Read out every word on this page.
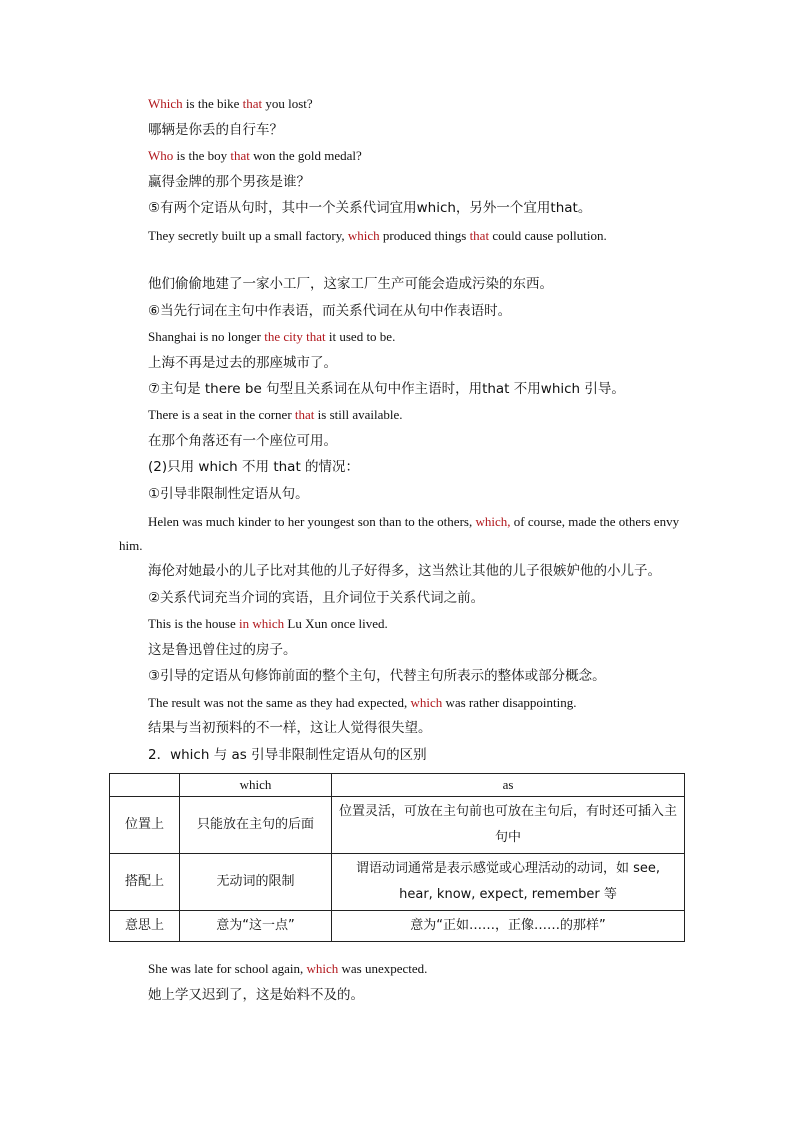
Which is the bike that you lost?
哪辆是你丢的自行车？
Who is the boy that won the gold medal?
赢得金牌的那个男孩是谁？
⑤有两个定语从句时，其中一个关系代词宜用which，另外一个宜用that。
They secretly built up a small factory, which produced things that could cause pollution.
他们偷偷地建了一家小工厂，这家工厂生产可能会造成污染的东西。
⑥当先行词在主句中作表语，而关系代词在从句中作表语时。
Shanghai is no longer the city that it used to be.
上海不再是过去的那座城市了。
⑦主句是 there be 句型且关系词在从句中作主语时，用that 不用which 引导。
There is a seat in the corner that is still available.
在那个角落还有一个座位可用。
(2)只用 which 不用 that 的情况：
①引导非限制性定语从句。
Helen was much kinder to her youngest son than to the others, which, of course, made the others envy him.
海伦对她最小的儿子比对其他的儿子好得多，这当然让其他的儿子很嫉妒他的小儿子。
②关系代词充当介词的宾语，且介词位于关系代词之前。
This is the house in which Lu Xun once lived.
这是鲁迅曾住过的房子。
③引导的定语从句修饰前面的整个主句，代替主句所表示的整体或部分概念。
The result was not the same as they had expected, which was rather disappointing.
结果与当初预料的不一样，这让人觉得很失望。
2．which 与 as 引导非限制性定语从句的区别
	which	as
位置上	只能放在主句的后面	位置灵活，可放在主句前也可放在主句后，有时还可插入主句中
搭配上	无动词的限制	谓语动词通常是表示感觉或心理活动的动词，如 see, hear, know, expect, remember 等
意思上	意为“这一点”	意为“正如……，正像……的那样”
She was late for school again, which was unexpected.
她上学又迟到了，这是始料不及的。
